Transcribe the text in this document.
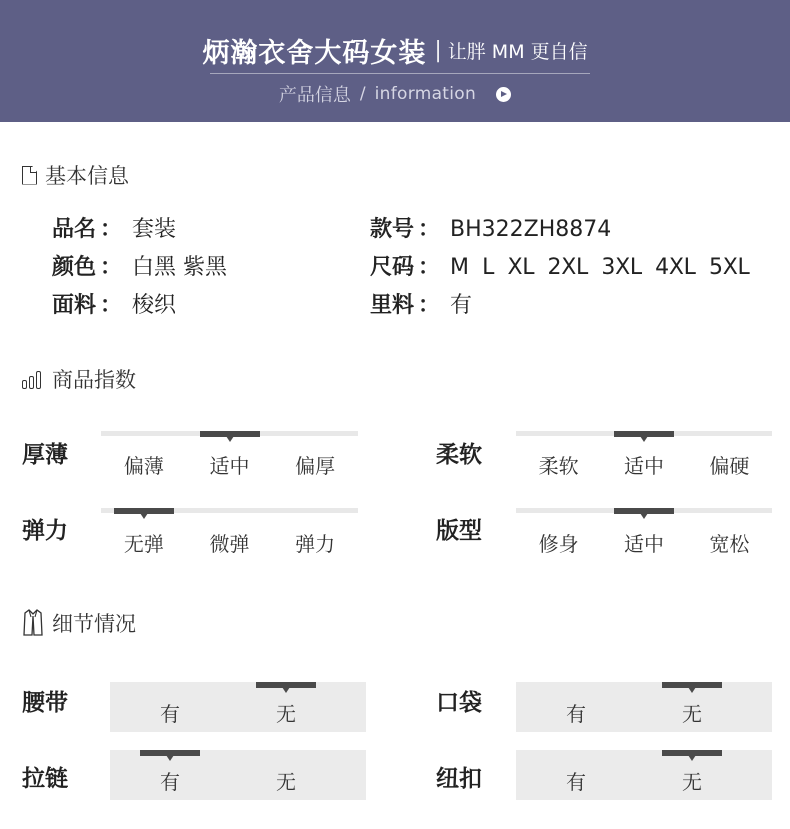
炳瀚衣舍大码女装 | 让胖 MM 更自信
产品信息 / information
基本信息
品名 ： 套装	款号 ： BH322ZH8874
颜色 ： 白黑 紫黑	尺码 ： M  L  XL  2XL  3XL  4XL  5XL
面料 ： 梭织	里料 ： 有
商品指数
厚薄	偏薄	适中	偏厚	柔软	柔软	适中	偏硬
弹力	无弹	微弹	弹力	版型	修身	适中	宽松
细节情况
腰带	有	无	口袋	有	无
拉链	有	无	纽扣	有	无
